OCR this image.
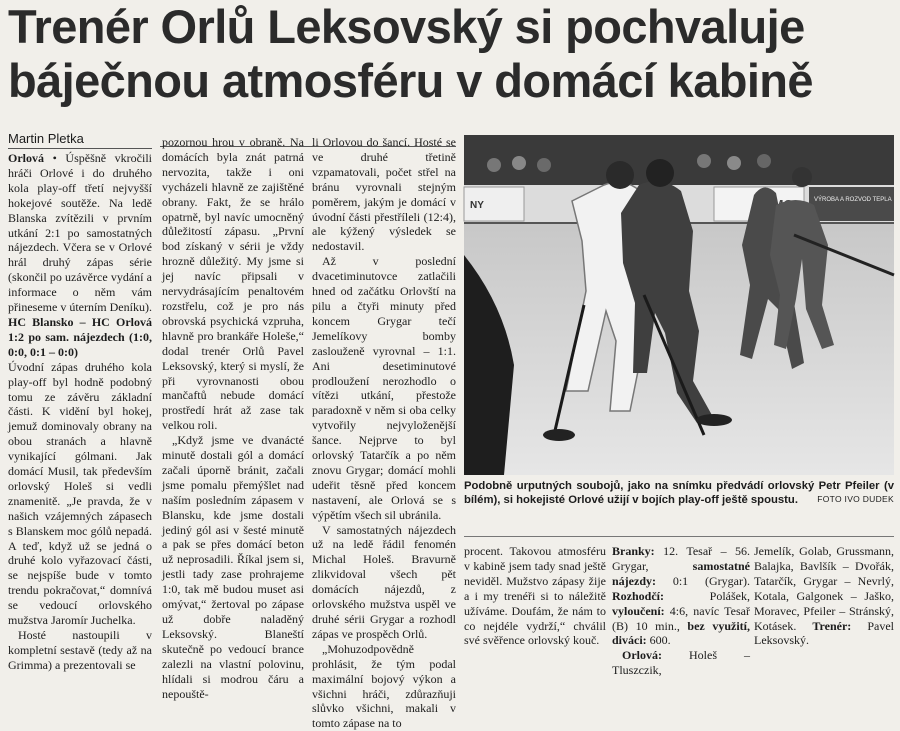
Trenér Orlů Leksovský si pochvaluje
báječnou atmosféru v domácí kabině
Martin Pletka

Orlová • Úspěšně vkročili hráči Orlové i do druhého kola play-off třetí nejvyšší hokejové soutěže. Na ledě Blanska zvítězili v prvním utkání 2:1 po samostatných nájezdech. Včera se v Orlové hrál druhý zápas série (skončil po uzávěrce vydání a informace o něm vám přineseme v úterním Deníku).

HC Blansko – HC Orlová 1:2 po sam. nájezdech (1:0, 0:0, 0:1 – 0:0)

Úvodní zápas druhého kola play-off byl hodně podobný tomu ze závěru základní části. K vidění byl hokej, jemuž dominovaly obrany na obou stranách a hlavně vynikající gólmani. Jak domácí Musil, tak především orlovský Holeš si vedli znamenitě. „Je pravda, že v našich vzájemných zápasech s Blanskem moc gólů nepadá. A teď, když už se jedná o druhé kolo vyřazovací části, se nejspíše bude v tomto trendu pokračovat,“ domnívá se vedoucí orlovského mužstva Jaromír Juchelka.

Hosté nastoupili v kompletní sestavě (tedy až na Grimma) a prezentovali se

pozornou hrou v obraně. Na domácích byla znát patrná nervozita, takže i oni vycházeli hlavně ze zajištěné obrany. Fakt, že se hrálo opatrně, byl navíc umocněný důležitostí zápasu. „První bod získaný v sérii je vždy hrozně důležitý. My jsme si jej navíc připsali v nervydrásajícím penaltovém rozstřelu, což je pro nás obrovská psychická vzpruha, hlavně pro brankáře Holeše,“ dodal trenér Orlů Pavel Leksovský, který si myslí, že při vyrovnanosti obou mančaftů nebude domácí prostředí hrát až zase tak velkou roli.

„Když jsme ve dvanácté minutě dostali gól a domácí začali úporně bránit, začali jsme pomalu přemýšlet nad naším posledním zápasem v Blansku, kde jsme dostali jediný gól asi v šesté minutě a pak se přes domácí beton už neprosadili. Říkal jsem si, jestli tady zase prohrajeme 1:0, tak mě budou muset asi omývat,“ žertoval po zápase už dobře naladěný Leksovský. Blaneští skutečně po vedoucí brance zalezli na vlastní polovinu, hlídali si modrou čáru a nepouště-

li Orlovou do šancí. Hosté se ve druhé třetině vzpamatovali, počet střel na bránu vyrovnali stejným poměrem, jakým je domácí v úvodní části přestříleli (12:4), ale kýžený výsledek se nedostavil.

Až v poslední dvacetiminutovce zatlačili hned od začátku Orlovští na pilu a čtyři minuty před koncem Grygar tečí Jemelíkovy bomby zaslouženě vyrovnal – 1:1. Ani desetiminutové prodloužení nerozhodlo o vítězi utkání, přestože paradoxně v něm si oba celky vytvořily nejvyloženější šance. Nejprve to byl orlovský Tatarčík a po něm znovu Grygar; domácí mohli udeřit těsně před koncem nastavení, ale Orlová se s výpětím všech sil ubránila.

V samostatných nájezdech už na ledě řádil fenomén Michal Holeš. Bravurně zlikvidoval všech pět domácích nájezdů, z orlovského mužstva uspěl ve druhé sérii Grygar a rozhodl zápas ve prospěch Orlů.

„Mohuzodpovědně prohlásit, že tým podal maximální bojový výkon a všichni hráči, zdůrazňuji slůvko všichni, makali v tomto zápase na to

NY	VÝROBA A ROZVOD TEPLA
Podobně urputných soubojů, jako na snímku předvádí orlovský Petr Pfeiler (v bílém), si hokejisté Orlové užijí v bojích play-off ještě spoustu.	FOTO IVO DUDEK

procent. Takovou atmosféru v kabině jsem tady snad ještě neviděl. Mužstvo zápasy žije a i my trenéři si to náležitě užíváme. Doufám, že nám to co nejdéle vydrží,“ chválil své svěřence orlovský kouč.

Branky: 12. Tesař – 56. Grygar,	samostatné nájezdy: 0:1 (Grygar). Rozhodčí: Polášek, vyloučení: 4:6, navíc Tesař (B) 10 min., bez využití, diváci: 600.

Orlová: Holeš – Tluszczik,

Jemelík, Golab, Grussmann, Balajka, Bavlšík – Dvořák, Tatarčík, Grygar – Nevrlý, Kotala, Galgonek – Jaško, Moravec, Pfeiler – Stránský, Kotásek. Trenér: Pavel Leksovský.
